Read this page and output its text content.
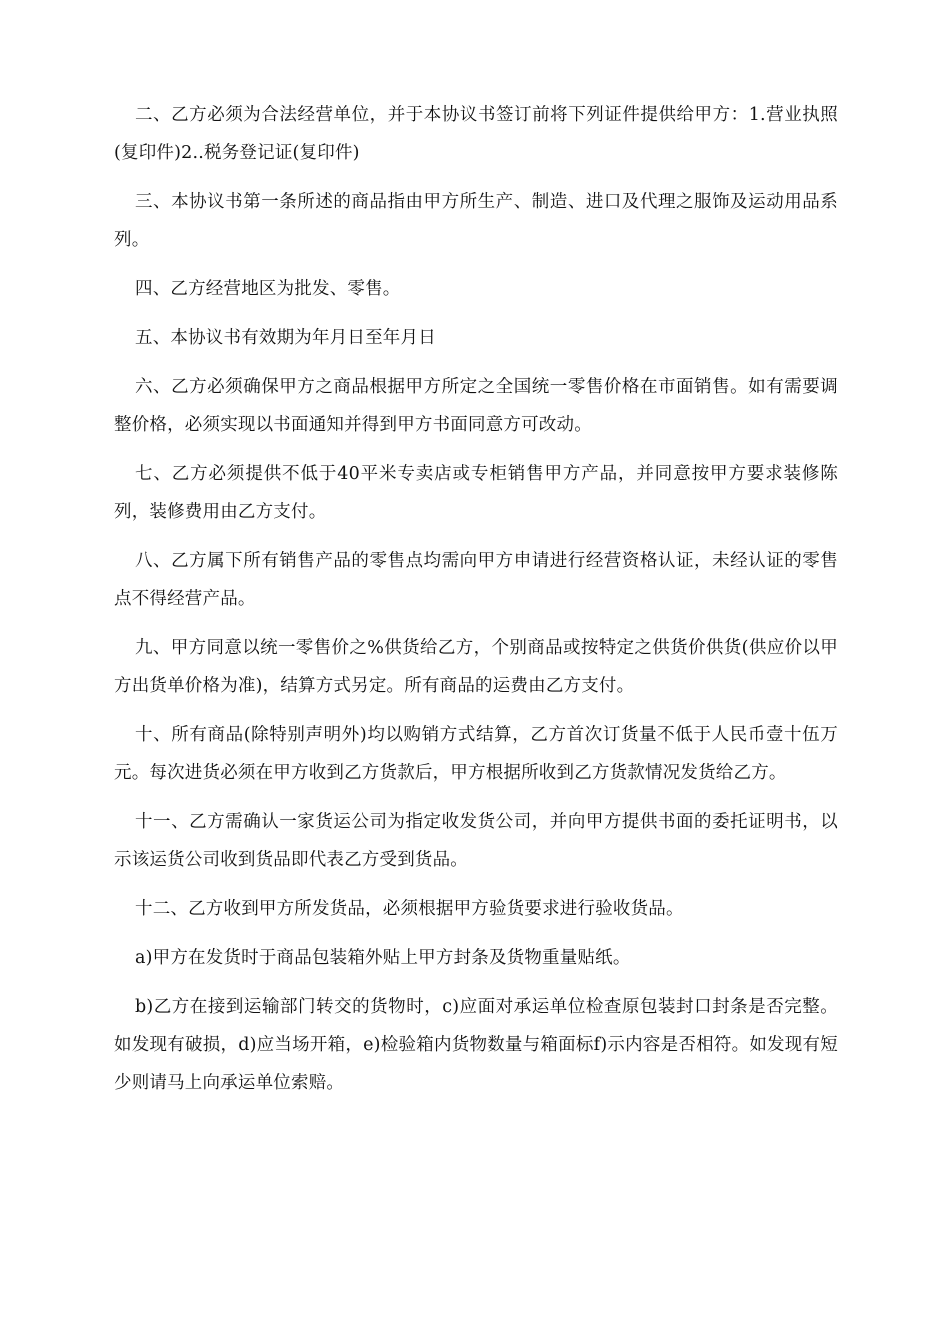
二、乙方必须为合法经营单位，并于本协议书签订前将下列证件提供给甲方：1.营业执照(复印件)2..税务登记证(复印件)

三、本协议书第一条所述的商品指由甲方所生产、制造、进口及代理之服饰及运动用品系列。

四、乙方经营地区为批发、零售。

五、本协议书有效期为年月日至年月日

六、乙方必须确保甲方之商品根据甲方所定之全国统一零售价格在市面销售。如有需要调整价格，必须实现以书面通知并得到甲方书面同意方可改动。

七、乙方必须提供不低于40平米专卖店或专柜销售甲方产品，并同意按甲方要求装修陈列，装修费用由乙方支付。

八、乙方属下所有销售产品的零售点均需向甲方申请进行经营资格认证，未经认证的零售点不得经营产品。

九、甲方同意以统一零售价之%供货给乙方，个别商品或按特定之供货价供货(供应价以甲方出货单价格为准)，结算方式另定。所有商品的运费由乙方支付。

十、所有商品(除特别声明外)均以购销方式结算，乙方首次订货量不低于人民币壹十伍万元。每次进货必须在甲方收到乙方货款后，甲方根据所收到乙方货款情况发货给乙方。

十一、乙方需确认一家货运公司为指定收发货公司，并向甲方提供书面的委托证明书，以示该运货公司收到货品即代表乙方受到货品。

十二、乙方收到甲方所发货品，必须根据甲方验货要求进行验收货品。

a)甲方在发货时于商品包装箱外贴上甲方封条及货物重量贴纸。

b)乙方在接到运输部门转交的货物时，c)应面对承运单位检查原包装封口封条是否完整。如发现有破损，d)应当场开箱，e)检验箱内货物数量与箱面标f)示内容是否相符。如发现有短少则请马上向承运单位索赔。
